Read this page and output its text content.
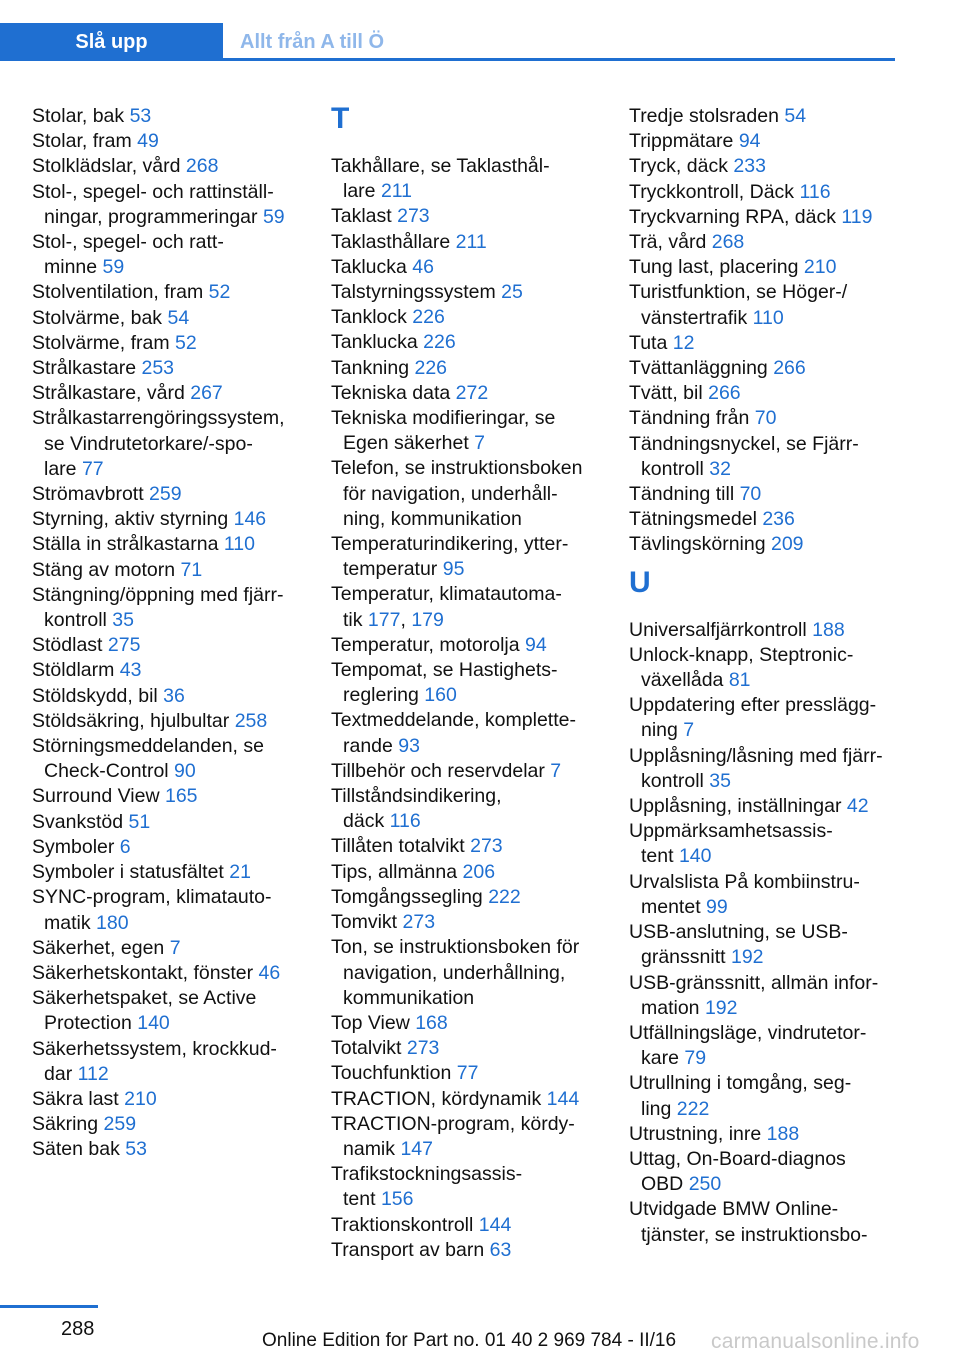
Slå upp	Allt från A till Ö
Stolar, bak 53
Stolar, fram 49
Stolklädslar, vård 268
Stol-, spegel- och rattinställ-
ningar, programmeringar 59
Stol-, spegel- och ratt-
minne 59
Stolventilation, fram 52
Stolvärme, bak 54
Stolvärme, fram 52
Strålkastare 253
Strålkastare, vård 267
Strålkastarrengöringssystem,
se Vindrutetorkare/-spo-
lare 77
Strömavbrott 259
Styrning, aktiv styrning 146
Ställa in strålkastarna 110
Stäng av motorn 71
Stängning/öppning med fjärr-
kontroll 35
Stödlast 275
Stöldlarm 43
Stöldskydd, bil 36
Stöldsäkring, hjulbultar 258
Störningsmeddelanden, se
Check-Control 90
Surround View 165
Svankstöd 51
Symboler 6
Symboler i statusfältet 21
SYNC-program, klimatauto-
matik 180
Säkerhet, egen 7
Säkerhetskontakt, fönster 46
Säkerhetspaket, se Active
Protection 140
Säkerhetssystem, krockkud-
dar 112
Säkra last 210
Säkring 259
Säten bak 53
T
Takhållare, se Taklasthål-
lare 211
Taklast 273
Taklasthållare 211
Taklucka 46
Talstyrningssystem 25
Tanklock 226
Tanklucka 226
Tankning 226
Tekniska data 272
Tekniska modifieringar, se
Egen säkerhet 7
Telefon, se instruktionsboken
för navigation, underhåll-
ning, kommunikation
Temperaturindikering, ytter-
temperatur 95
Temperatur, klimatautoma-
tik 177, 179
Temperatur, motorolja 94
Tempomat, se Hastighets-
reglering 160
Textmeddelande, komplette-
rande 93
Tillbehör och reservdelar 7
Tillståndsindikering,
däck 116
Tillåten totalvikt 273
Tips, allmänna 206
Tomgångssegling 222
Tomvikt 273
Ton, se instruktionsboken för
navigation, underhållning,
kommunikation
Top View 168
Totalvikt 273
Touchfunktion 77
TRACTION, kördynamik 144
TRACTION-program, kördy-
namik 147
Trafikstockningsassis-
tent 156
Traktionskontroll 144
Transport av barn 63
Tredje stolsraden 54
Trippmätare 94
Tryck, däck 233
Tryckkontroll, Däck 116
Tryckvarning RPA, däck 119
Trä, vård 268
Tung last, placering 210
Turistfunktion, se Höger-/
vänstertrafik 110
Tuta 12
Tvättanläggning 266
Tvätt, bil 266
Tändning från 70
Tändningsnyckel, se Fjärr-
kontroll 32
Tändning till 70
Tätningsmedel 236
Tävlingskörning 209
U
Universalfjärrkontroll 188
Unlock-knapp, Steptronic-
växellåda 81
Uppdatering efter presslägg-
ning 7
Upplåsning/låsning med fjärr-
kontroll 35
Upplåsning, inställningar 42
Uppmärksamhetsassis-
tent 140
Urvalslista På kombiinstru-
mentet 99
USB-anslutning, se USB-
gränssnitt 192
USB-gränssnitt, allmän infor-
mation 192
Utfällningsläge, vindrutetor-
kare 79
Utrullning i tomgång, seg-
ling 222
Utrustning, inre 188
Uttag, On-Board-diagnos
OBD 250
Utvidgade BMW Online-
tjänster, se instruktionsbo-
288
Online Edition for Part no. 01 40 2 969 784 - II/16 carmanualsonline.info
